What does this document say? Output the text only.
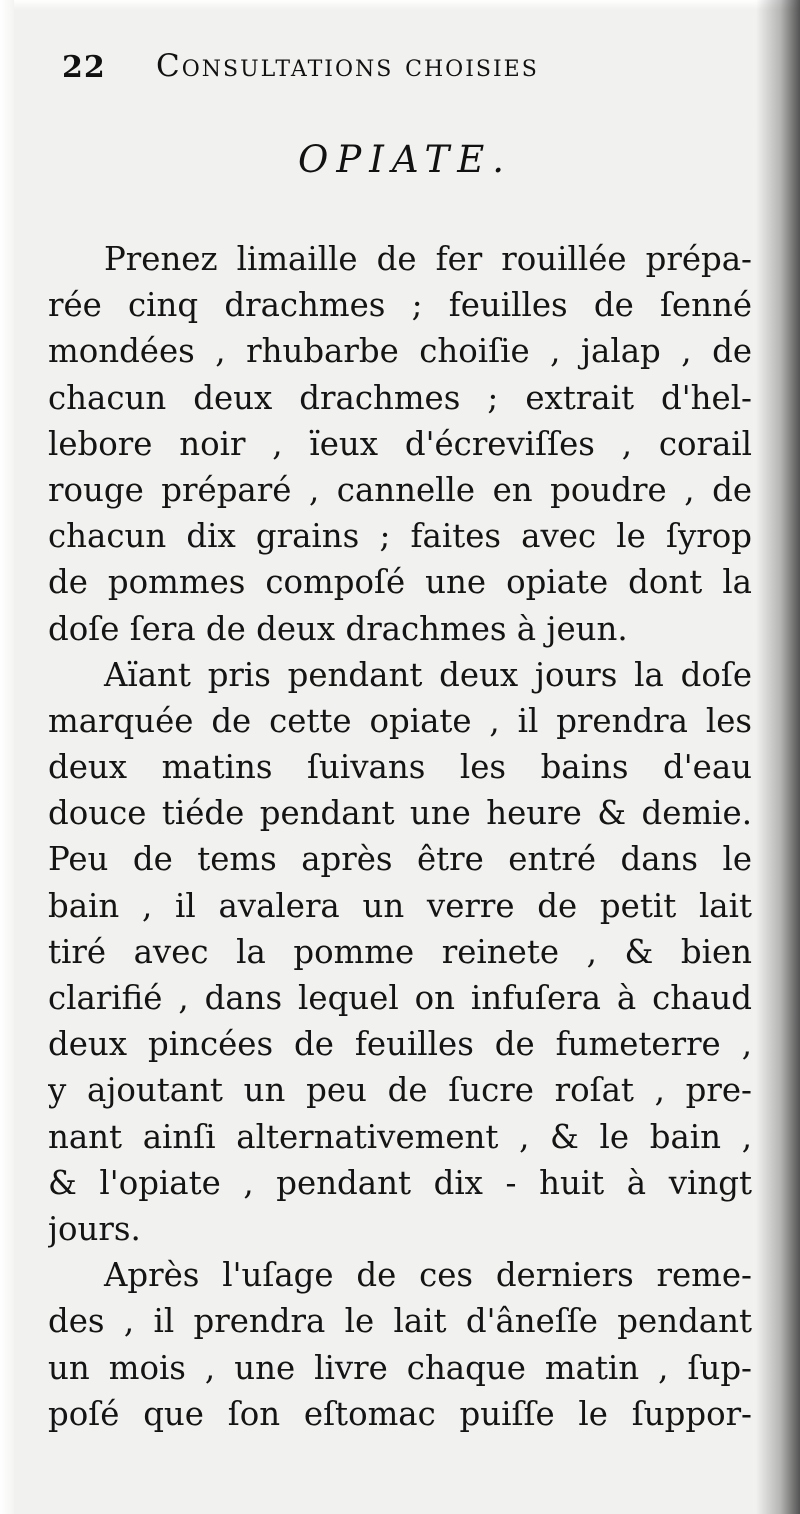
22 Consultations choisies
OPIATE.
Prenez limaille de fer rouillée prépa-
rée cinq drachmes ; feuilles de ſenné
mondées , rhubarbe choiſie , jalap , de
chacun deux drachmes ; extrait d'hel-
lebore noir , ïeux d'écreviſſes , corail
rouge préparé , cannelle en poudre , de
chacun dix grains ; faites avec le ſyrop
de pommes compoſé une opiate dont la
doſe ſera de deux drachmes à jeun.
Aïant pris pendant deux jours la doſe
marquée de cette opiate , il prendra les
deux matins ſuivans les bains d'eau
douce tiéde pendant une heure & demie.
Peu de tems après être entré dans le
bain , il avalera un verre de petit lait
tiré avec la pomme reinete , & bien
clarifié , dans lequel on infuſera à chaud
deux pincées de feuilles de fumeterre ,
y ajoutant un peu de ſucre roſat , pre-
nant ainſi alternativement , & le bain ,
& l'opiate , pendant dix - huit à vingt
jours.
Après l'uſage de ces derniers reme-
des , il prendra le lait d'âneſſe pendant
un mois , une livre chaque matin , ſup-
poſé que ſon eſtomac puiſſe le ſuppor-
